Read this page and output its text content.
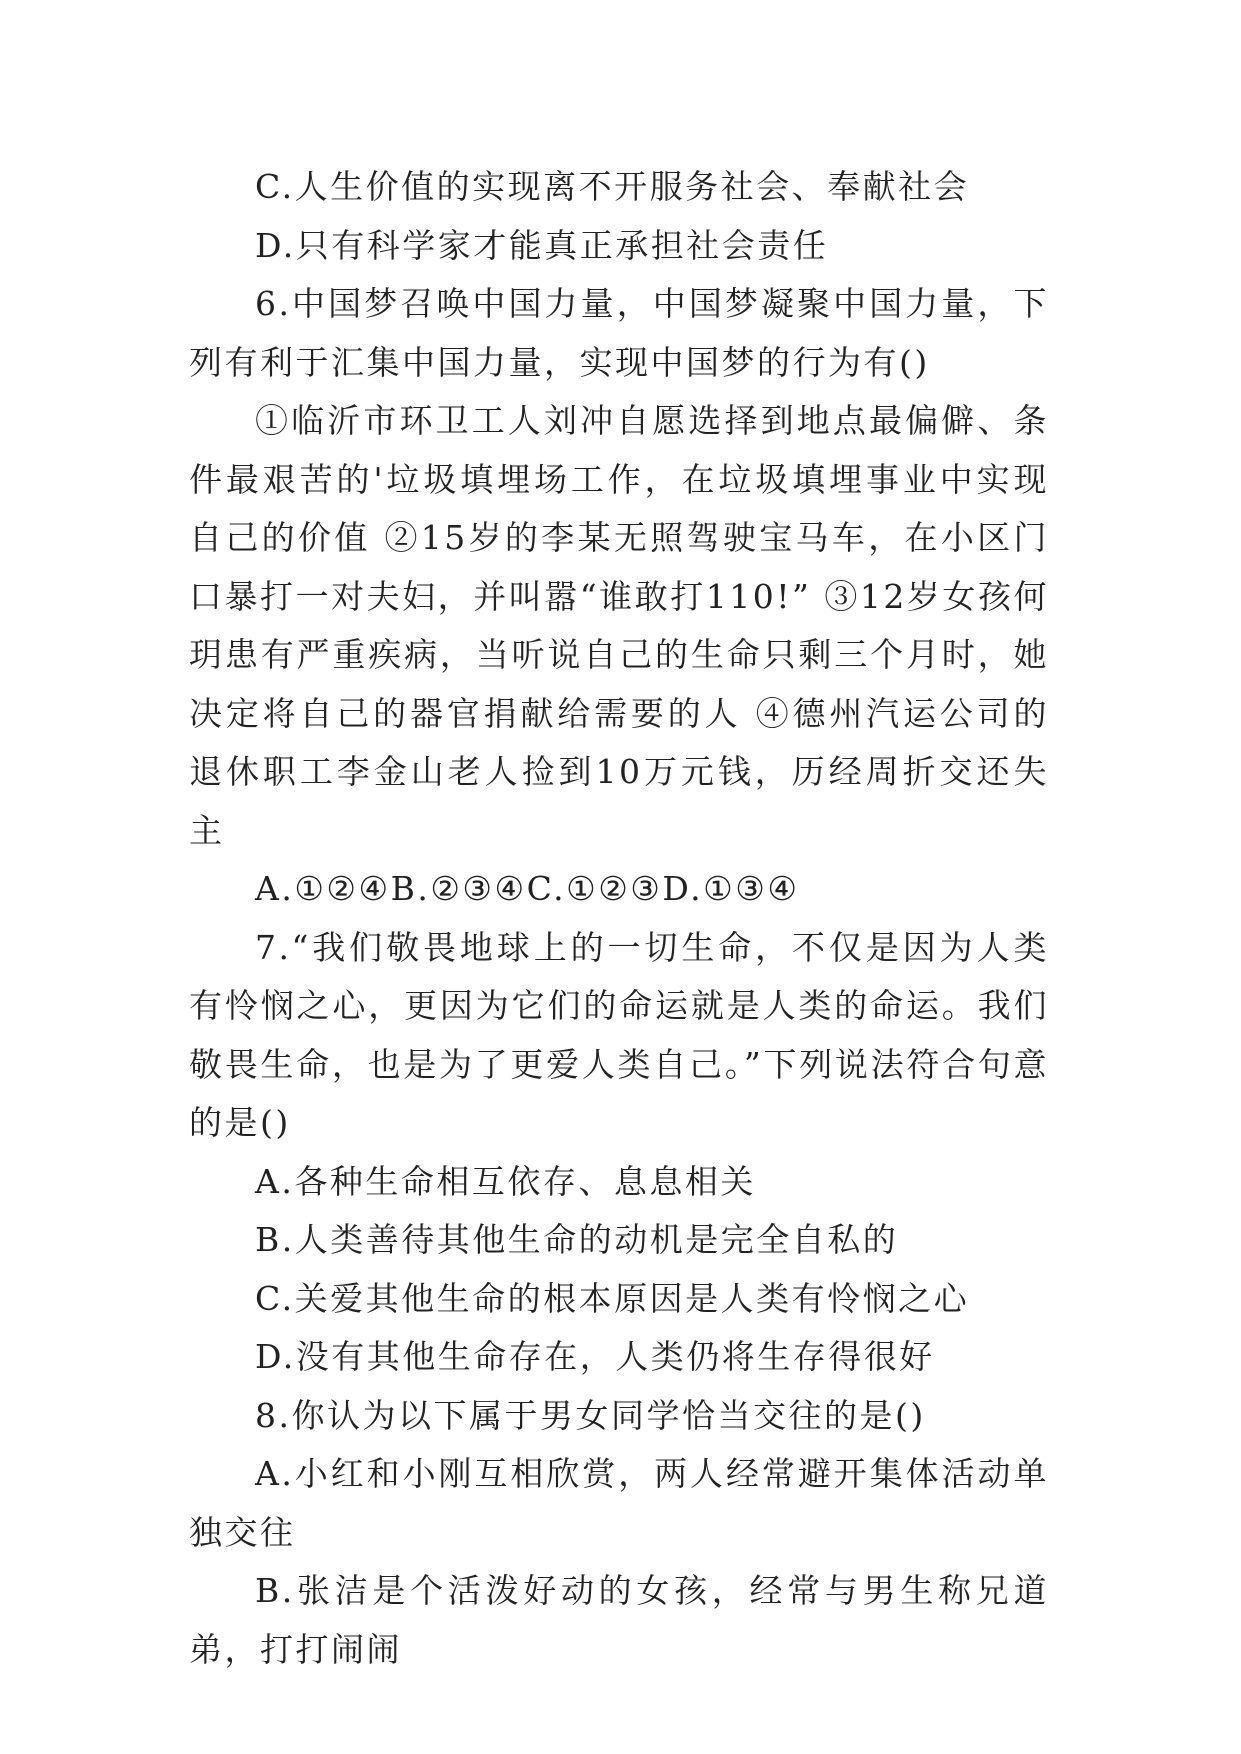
C.人生价值的实现离不开服务社会、奉献社会

D.只有科学家才能真正承担社会责任

6.中国梦召唤中国力量，中国梦凝聚中国力量，下列有利于汇集中国力量，实现中国梦的行为有()

①临沂市环卫工人刘冲自愿选择到地点最偏僻、条件最艰苦的'垃圾填埋场工作，在垃圾填埋事业中实现自己的价值 ②15岁的李某无照驾驶宝马车，在小区门口暴打一对夫妇，并叫嚣“谁敢打110!” ③12岁女孩何玥患有严重疾病，当听说自己的生命只剩三个月时，她决定将自己的器官捐献给需要的人 ④德州汽运公司的退休职工李金山老人捡到10万元钱，历经周折交还失主

A.①②④B.②③④C.①②③D.①③④

7.“我们敬畏地球上的一切生命，不仅是因为人类有怜悯之心，更因为它们的命运就是人类的命运。我们敬畏生命，也是为了更爱人类自己。”下列说法符合句意的是()

A.各种生命相互依存、息息相关

B.人类善待其他生命的动机是完全自私的

C.关爱其他生命的根本原因是人类有怜悯之心

D.没有其他生命存在，人类仍将生存得很好

8.你认为以下属于男女同学恰当交往的是()

A.小红和小刚互相欣赏，两人经常避开集体活动单独交往

B.张洁是个活泼好动的女孩，经常与男生称兄道弟，打打闹闹
